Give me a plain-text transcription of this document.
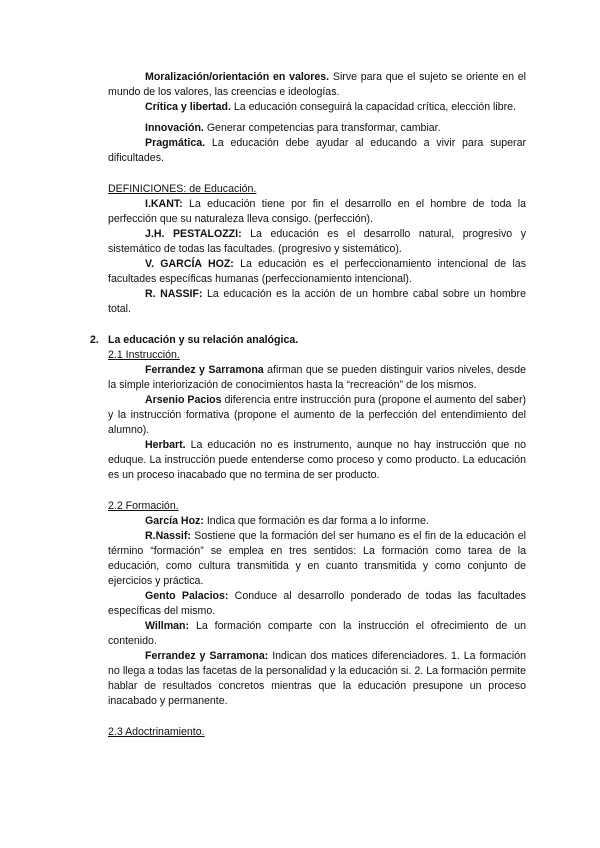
Moralización/orientación en valores. Sirve para que el sujeto se oriente en el mundo de los valores, las creencias e ideologías.

Crítica y libertad. La educación conseguirá la capacidad crítica, elección libre.

Innovación. Generar competencias para transformar, cambiar.

Pragmática. La educación debe ayudar al educando a vivir para superar dificultades.

DEFINICIONES: de Educación.

I.KANT: La educación tiene por fin el desarrollo en el hombre de toda la perfección que su naturaleza lleva consigo. (perfección).

J.H. PESTALOZZI: La educación es el desarrollo natural, progresivo y sistemático de todas las facultades. (progresivo y sistemático).

V. GARCÍA HOZ: La educación es el perfeccionamiento intencional de las facultades específicas humanas (perfeccionamiento intencional).

R. NASSIF: La educación es la acción de un hombre cabal sobre un hombre total.

2. La educación y su relación analógica.

2.1 Instrucción.

Ferrandez y Sarramona afirman que se pueden distinguir varios niveles, desde la simple interiorización de conocimientos hasta la “recreación” de los mismos.

Arsenio Pacios diferencia entre instrucción pura (propone el aumento del saber) y la instrucción formativa (propone el aumento de la perfección del entendimiento del alumno).

Herbart. La educación no es instrumento, aunque no hay instrucción que no eduque. La instrucción puede entenderse como proceso y como producto. La educación es un proceso inacabado que no termina de ser producto.

2.2 Formación.

García Hoz: Indica que formación es dar forma a lo informe.

R.Nassif: Sostiene que la formación del ser humano es el fin de la educación el término “formación” se emplea en tres sentidos: La formación como tarea de la educación, como cultura transmitida y en cuanto transmitida y como conjunto de ejercicios y práctica.

Gento Palacios: Conduce al desarrollo ponderado de todas las facultades específicas del mismo.

Willman: La formación comparte con la instrucción el ofrecimiento de un contenido.

Ferrandez y Sarramona: Indican dos matices diferenciadores. 1. La formación no llega a todas las facetas de la personalidad y la educación si. 2. La formación permite hablar de resultados concretos mientras que la educación presupone un proceso inacabado y permanente.

2.3 Adoctrinamiento.
